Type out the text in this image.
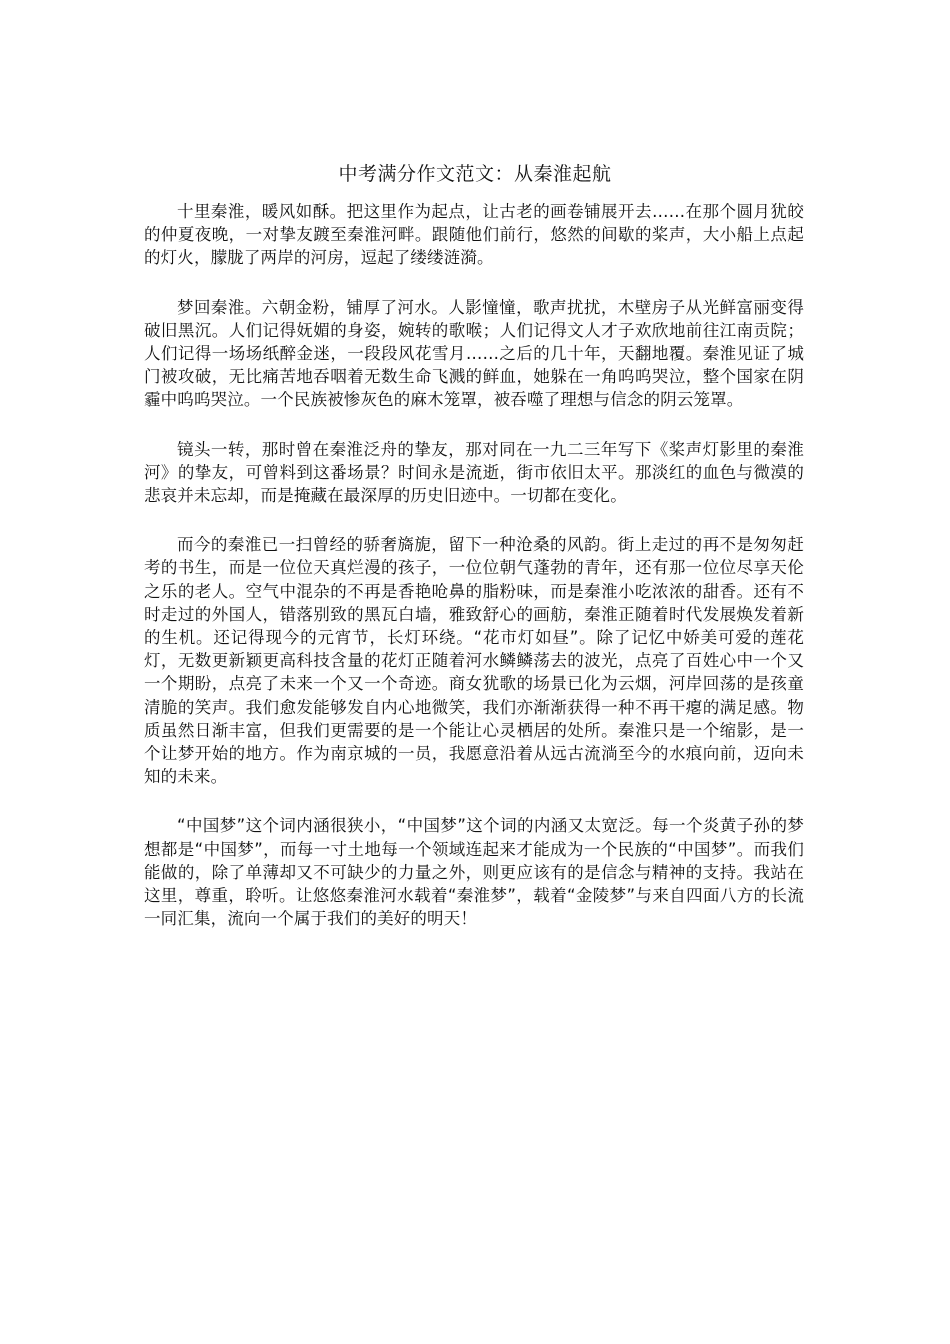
中考满分作文范文：从秦淮起航

十里秦淮，暖风如酥。把这里作为起点，让古老的画卷铺展开去……在那个圆月犹皎的仲夏夜晚，一对挚友踱至秦淮河畔。跟随他们前行，悠然的间歇的桨声，大小船上点起的灯火，朦胧了两岸的河房，逗起了缕缕涟漪。

梦回秦淮。六朝金粉，铺厚了河水。人影憧憧，歌声扰扰，木壁房子从光鲜富丽变得破旧黑沉。人们记得妩媚的身姿，婉转的歌喉；人们记得文人才子欢欣地前往江南贡院；人们记得一场场纸醉金迷，一段段风花雪月……之后的几十年，天翻地覆。秦淮见证了城门被攻破，无比痛苦地吞咽着无数生命飞溅的鲜血，她躲在一角呜呜哭泣，整个国家在阴霾中呜呜哭泣。一个民族被惨灰色的麻木笼罩，被吞噬了理想与信念的阴云笼罩。

镜头一转，那时曾在秦淮泛舟的挚友，那对同在一九二三年写下《桨声灯影里的秦淮河》的挚友，可曾料到这番场景？时间永是流逝，街市依旧太平。那淡红的血色与微漠的悲哀并未忘却，而是掩藏在最深厚的历史旧迹中。一切都在变化。

而今的秦淮已一扫曾经的骄奢旖旎，留下一种沧桑的风韵。街上走过的再不是匆匆赶考的书生，而是一位位天真烂漫的孩子，一位位朝气蓬勃的青年，还有那一位位尽享天伦之乐的老人。空气中混杂的不再是香艳呛鼻的脂粉味，而是秦淮小吃浓浓的甜香。还有不时走过的外国人，错落别致的黑瓦白墙，雅致舒心的画舫，秦淮正随着时代发展焕发着新的生机。还记得现今的元宵节，长灯环绕。“花市灯如昼”。除了记忆中娇美可爱的莲花灯，无数更新颖更高科技含量的花灯正随着河水鳞鳞荡去的波光，点亮了百姓心中一个又一个期盼，点亮了未来一个又一个奇迹。商女犹歌的场景已化为云烟，河岸回荡的是孩童清脆的笑声。我们愈发能够发自内心地微笑，我们亦渐渐获得一种不再干瘪的满足感。物质虽然日渐丰富，但我们更需要的是一个能让心灵栖居的处所。秦淮只是一个缩影，是一个让梦开始的地方。作为南京城的一员，我愿意沿着从远古流淌至今的水痕向前，迈向未知的未来。

“中国梦”这个词内涵很狭小，“中国梦”这个词的内涵又太宽泛。每一个炎黄子孙的梦想都是“中国梦”，而每一寸土地每一个领域连起来才能成为一个民族的“中国梦”。而我们能做的，除了单薄却又不可缺少的力量之外，则更应该有的是信念与精神的支持。我站在这里，尊重，聆听。让悠悠秦淮河水载着“秦淮梦”，载着“金陵梦”与来自四面八方的长流一同汇集，流向一个属于我们的美好的明天！
